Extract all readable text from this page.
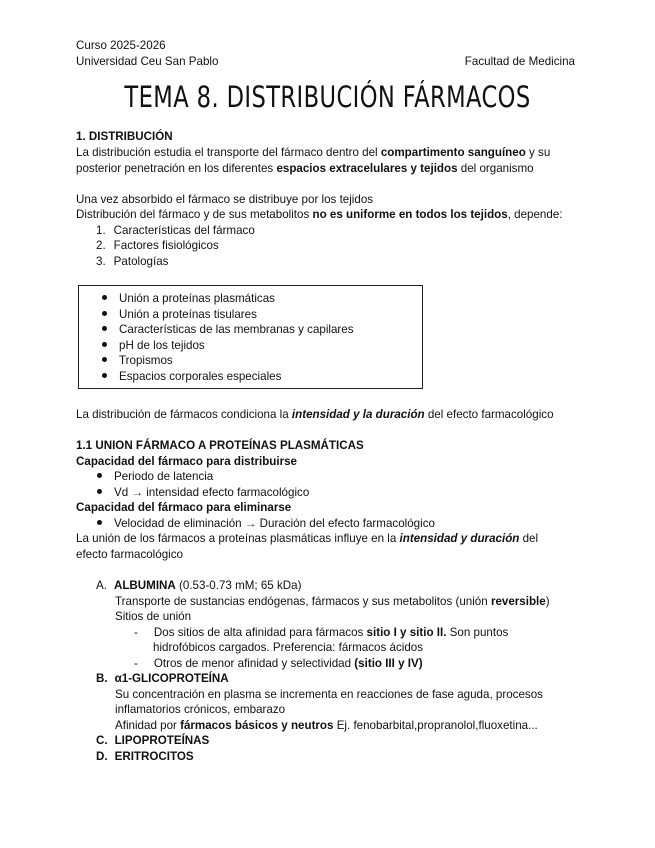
Curso 2025-2026
Universidad Ceu San Pablo	Facultad de Medicina
TEMA 8. DISTRIBUCIÓN FÁRMACOS
1. DISTRIBUCIÓN
La distribución estudia el transporte del fármaco dentro del compartimento sanguíneo y su
posterior penetración en los diferentes espacios extracelulares y tejidos del organismo
Una vez absorbido el fármaco se distribuye por los tejidos
Distribución del fármaco y de sus metabolitos no es uniforme en todos los tejidos, depende:
1. Características del fármaco
2. Factores fisiológicos
3. Patologías
Unión a proteínas plasmáticas
Unión a proteínas tisulares
Características de las membranas y capilares
pH de los tejidos
Tropismos
Espacios corporales especiales
La distribución de fármacos condiciona la intensidad y la duración del efecto farmacológico
1.1 UNION FÁRMACO A PROTEÍNAS PLASMÁTICAS
Capacidad del fármaco para distribuirse
Periodo de latencia
Vd → intensidad efecto farmacológico
Capacidad del fármaco para eliminarse
Velocidad de eliminación → Duración del efecto farmacológico
La unión de los fármacos a proteínas plasmáticas influye en la intensidad y duración del
efecto farmacológico
A. ALBUMINA (0.53-0.73 mM; 65 kDa)
Transporte de sustancias endógenas, fármacos y sus metabolitos (unión reversible)
Sitios de unión
- Dos sitios de alta afinidad para fármacos sitio I y sitio II. Son puntos
hidrofóbicos cargados. Preferencia: fármacos ácidos
- Otros de menor afinidad y selectividad (sitio III y IV)
B. α1-GLICOPROTEÍNA
Su concentración en plasma se incrementa en reacciones de fase aguda, procesos
inflamatorios crónicos, embarazo
Afinidad por fármacos básicos y neutros Ej. fenobarbital,propranolol,fluoxetina...
C. LIPOPROTEÍNAS
D. ERITROCITOS
